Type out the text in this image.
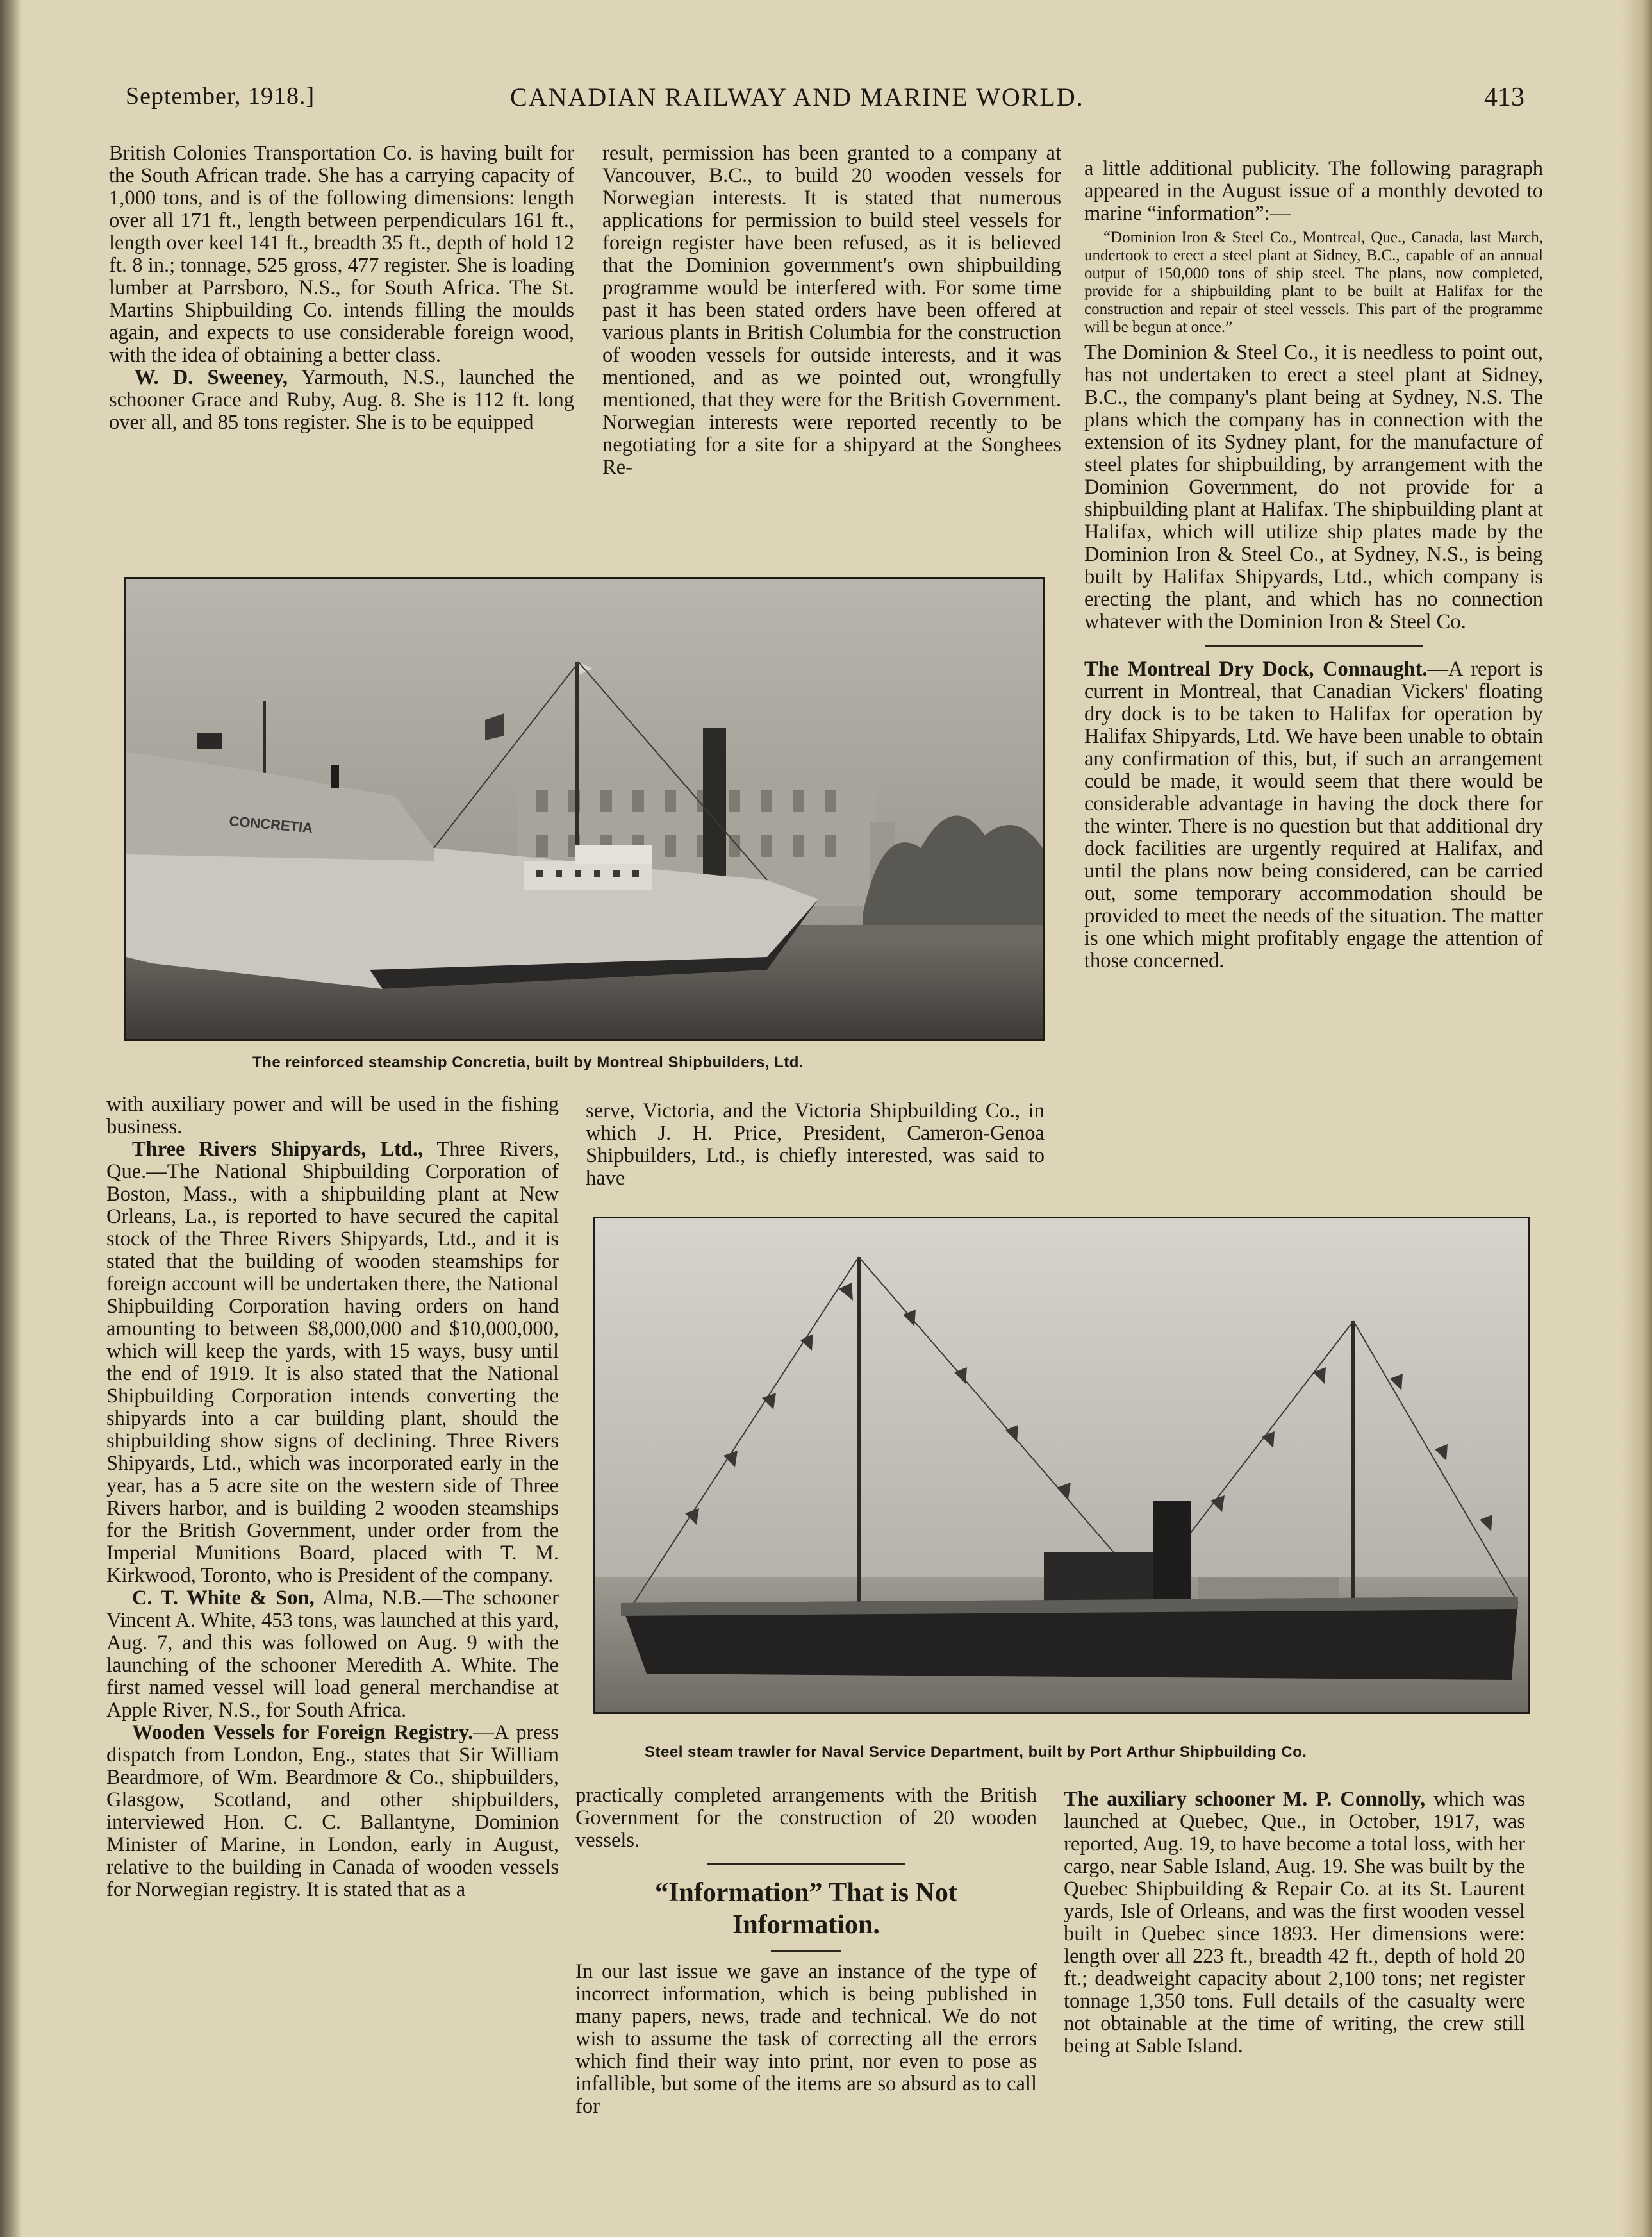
September, 1918.]	CANADIAN RAILWAY AND MARINE WORLD.	413

British Colonies Transportation Co. is having built for the South African trade. She has a carrying capacity of 1,000 tons, and is of the following dimensions: length over all 171 ft., length between perpendiculars 161 ft., length over keel 141 ft., breadth 35 ft., depth of hold 12 ft. 8 in.; tonnage, 525 gross, 477 register. She is loading lumber at Parrsboro, N.S., for South Africa. The St. Martins Shipbuilding Co. intends filling the moulds again, and expects to use considerable foreign wood, with the idea of obtaining a better class.

W. D. Sweeney, Yarmouth, N.S., launched the schooner Grace and Ruby, Aug. 8. She is 112 ft. long over all, and 85 tons register. She is to be equipped

result, permission has been granted to a company at Vancouver, B.C., to build 20 wooden vessels for Norwegian interests. It is stated that numerous applications for permission to build steel vessels for foreign register have been refused, as it is believed that the Dominion government's own shipbuilding programme would be interfered with. For some time past it has been stated orders have been offered at various plants in British Columbia for the construction of wooden vessels for outside interests, and it was mentioned, and as we pointed out, wrongfully mentioned, that they were for the British Government. Norwegian interests were reported recently to be negotiating for a site for a shipyard at the Songhees Re-

a little additional publicity. The following paragraph appeared in the August issue of a monthly devoted to marine “information”:—

“Dominion Iron & Steel Co., Montreal, Que., Canada, last March, undertook to erect a steel plant at Sidney, B.C., capable of an annual output of 150,000 tons of ship steel. The plans, now completed, provide for a shipbuilding plant to be built at Halifax for the construction and repair of steel vessels. This part of the programme will be begun at once.”

The Dominion & Steel Co., it is needless to point out, has not undertaken to erect a steel plant at Sidney, B.C., the company's plant being at Sydney, N.S. The plans which the company has in connection with the extension of its Sydney plant, for the manufacture of steel plates for shipbuilding, by arrangement with the Dominion Government, do not provide for a shipbuilding plant at Halifax. The shipbuilding plant at Halifax, which will utilize ship plates made by the Dominion Iron & Steel Co., at Sydney, N.S., is being built by Halifax Shipyards, Ltd., which company is erecting the plant, and which has no connection whatever with the Dominion Iron & Steel Co.

The Montreal Dry Dock, Connaught.—A report is current in Montreal, that Canadian Vickers' floating dry dock is to be taken to Halifax for operation by Halifax Shipyards, Ltd. We have been unable to obtain any confirmation of this, but, if such an arrangement could be made, it would seem that there would be considerable advantage in having the dock there for the winter. There is no question but that additional dry dock facilities are urgently required at Halifax, and until the plans now being considered, can be carried out, some temporary accommodation should be provided to meet the needs of the situation. The matter is one which might profitably engage the attention of those concerned.

CONCRETIA
The reinforced steamship Concretia, built by Montreal Shipbuilders, Ltd.

with auxiliary power and will be used in the fishing business.

Three Rivers Shipyards, Ltd., Three Rivers, Que.—The National Shipbuilding Corporation of Boston, Mass., with a shipbuilding plant at New Orleans, La., is reported to have secured the capital stock of the Three Rivers Shipyards, Ltd., and it is stated that the building of wooden steamships for foreign account will be undertaken there, the National Shipbuilding Corporation having orders on hand amounting to between $8,000,000 and $10,000,000, which will keep the yards, with 15 ways, busy until the end of 1919. It is also stated that the National Shipbuilding Corporation intends converting the shipyards into a car building plant, should the shipbuilding show signs of declining. Three Rivers Shipyards, Ltd., which was incorporated early in the year, has a 5 acre site on the western side of Three Rivers harbor, and is building 2 wooden steamships for the British Government, under order from the Imperial Munitions Board, placed with T. M. Kirkwood, Toronto, who is President of the company.

C. T. White & Son, Alma, N.B.—The schooner Vincent A. White, 453 tons, was launched at this yard, Aug. 7, and this was followed on Aug. 9 with the launching of the schooner Meredith A. White. The first named vessel will load general merchandise at Apple River, N.S., for South Africa.

Wooden Vessels for Foreign Registry.—A press dispatch from London, Eng., states that Sir William Beardmore, of Wm. Beardmore & Co., shipbuilders, Glasgow, Scotland, and other shipbuilders, interviewed Hon. C. C. Ballantyne, Dominion Minister of Marine, in London, early in August, relative to the building in Canada of wooden vessels for Norwegian registry. It is stated that as a

serve, Victoria, and the Victoria Shipbuilding Co., in which J. H. Price, President, Cameron-Genoa Shipbuilders, Ltd., is chiefly interested, was said to have

Steel steam trawler for Naval Service Department, built by Port Arthur Shipbuilding Co.

practically completed arrangements with the British Government for the construction of 20 wooden vessels.

“Information” That is Not
Information.

In our last issue we gave an instance of the type of incorrect information, which is being published in many papers, news, trade and technical. We do not wish to assume the task of correcting all the errors which find their way into print, nor even to pose as infallible, but some of the items are so absurd as to call for

The auxiliary schooner M. P. Connolly, which was launched at Quebec, Que., in October, 1917, was reported, Aug. 19, to have become a total loss, with her cargo, near Sable Island, Aug. 19. She was built by the Quebec Shipbuilding & Repair Co. at its St. Laurent yards, Isle of Orleans, and was the first wooden vessel built in Quebec since 1893. Her dimensions were: length over all 223 ft., breadth 42 ft., depth of hold 20 ft.; deadweight capacity about 2,100 tons; net register tonnage 1,350 tons. Full details of the casualty were not obtainable at the time of writing, the crew still being at Sable Island.
